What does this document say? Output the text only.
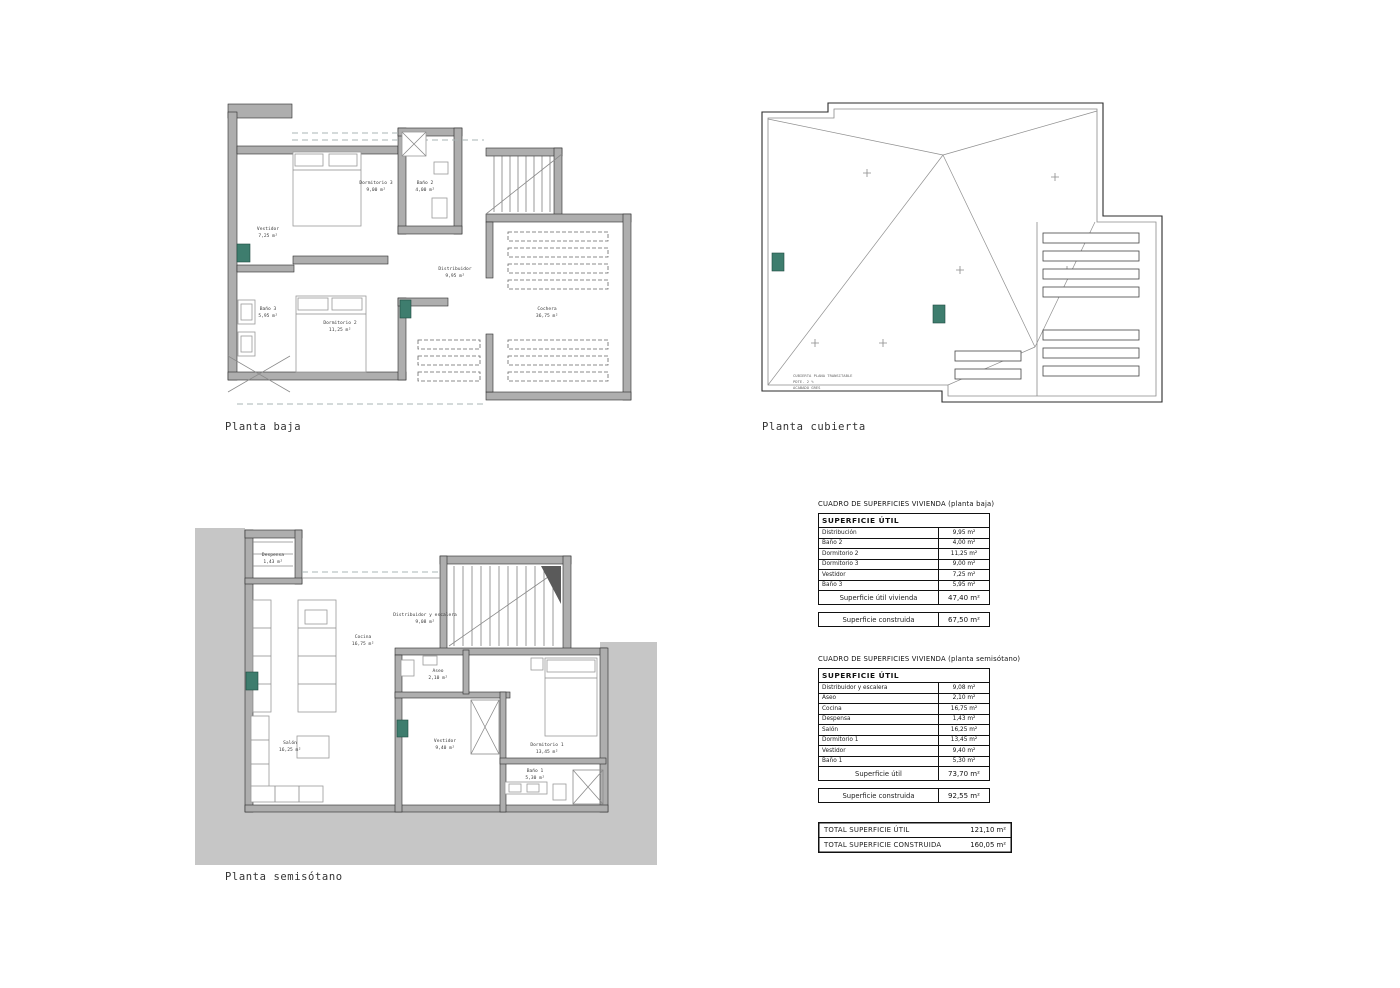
Dormitorio 3
9,00 m²
Baño 2
4,00 m²
Vestidor
7,25 m²
Baño 3
5,95 m²
Dormitorio 2
11,25 m²
Distribuidor
9,95 m²
Cochera
36,75 m²
Planta baja
CUBIERTA PLANA TRANSITABLE
PDTE. 2 %
ACABADO GRES
Planta cubierta
Despensa
1,43 m²
Cocina
16,75 m²
Distribuidor y escalera
9,08 m²
Aseo
2,10 m²
Salón
16,25 m²
Vestidor
9,40 m²
Dormitorio 1
13,45 m²
Baño 1
5,30 m²
Planta semisótano
CUADRO DE SUPERFICIES VIVIENDA (planta baja)
SUPERFICIE ÚTIL
Distribución	9,95 m²
Baño 2	4,00 m²
Dormitorio 2	11,25 m²
Dormitorio 3	9,00 m²
Vestidor	7,25 m²
Baño 3	5,95 m²
Superficie útil vivienda	47,40 m²
Superficie construida	67,50 m²
CUADRO DE SUPERFICIES VIVIENDA (planta semisótano)
SUPERFICIE ÚTIL
Distribuidor y escalera	9,08 m²
Aseo	2,10 m²
Cocina	16,75 m²
Despensa	1,43 m²
Salón	16,25 m²
Dormitorio 1	13,45 m²
Vestidor	9,40 m²
Baño 1	5,30 m²
Superficie útil	73,70 m²
Superficie construida	92,55 m²
TOTAL SUPERFICIE ÚTIL	121,10 m²
TOTAL SUPERFICIE CONSTRUIDA	160,05 m²
